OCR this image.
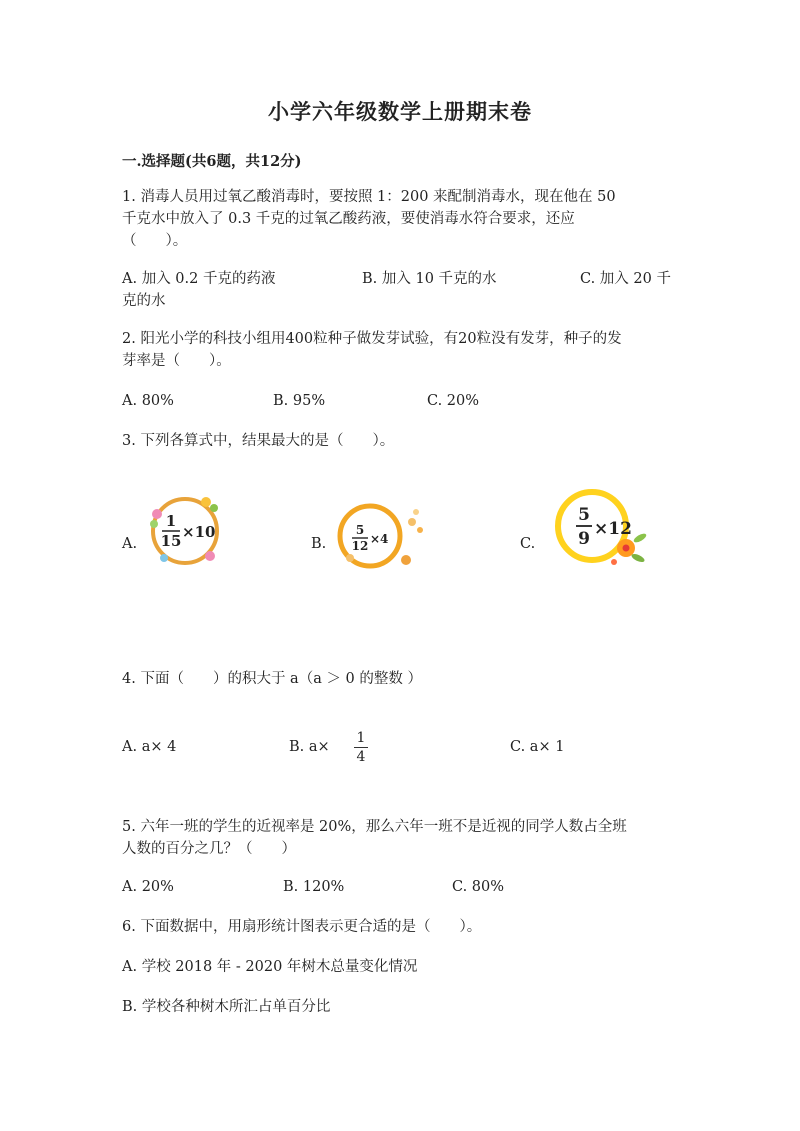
小学六年级数学上册期末卷
一.选择题(共6题，共12分)
1. 消毒人员用过氧乙酸消毒时，要按照 1：200 来配制消毒水，现在他在 50
千克水中放入了 0.3 千克的过氧乙酸药液，要使消毒水符合要求，还应
（　　）。
A. 加入 0.2 千克的药液	B. 加入 10 千克的水	C. 加入 20 千
克的水
2. 阳光小学的科技小组用400粒种子做发芽试验，有20粒没有发芽，种子的发
芽率是（　　）。
A. 80%	B. 95%	C. 20%
3. 下列各算式中，结果最大的是（　　）。
A.
1
15 ×10
B.
5
12 ×4	C.
5
9 ×12
4. 下面（　　）的积大于 a（a ＞ 0 的整数 ）
A. a× 4	B. a×
1
4
C. a× 1
5. 六年一班的学生的近视率是 20%，那么六年一班不是近视的同学人数占全班
人数的百分之几？（　　）
A. 20%	B. 120%	C. 80%
6. 下面数据中，用扇形统计图表示更合适的是（　　）。
A. 学校 2018 年 - 2020 年树木总量变化情况
B. 学校各种树木所汇占单百分比
